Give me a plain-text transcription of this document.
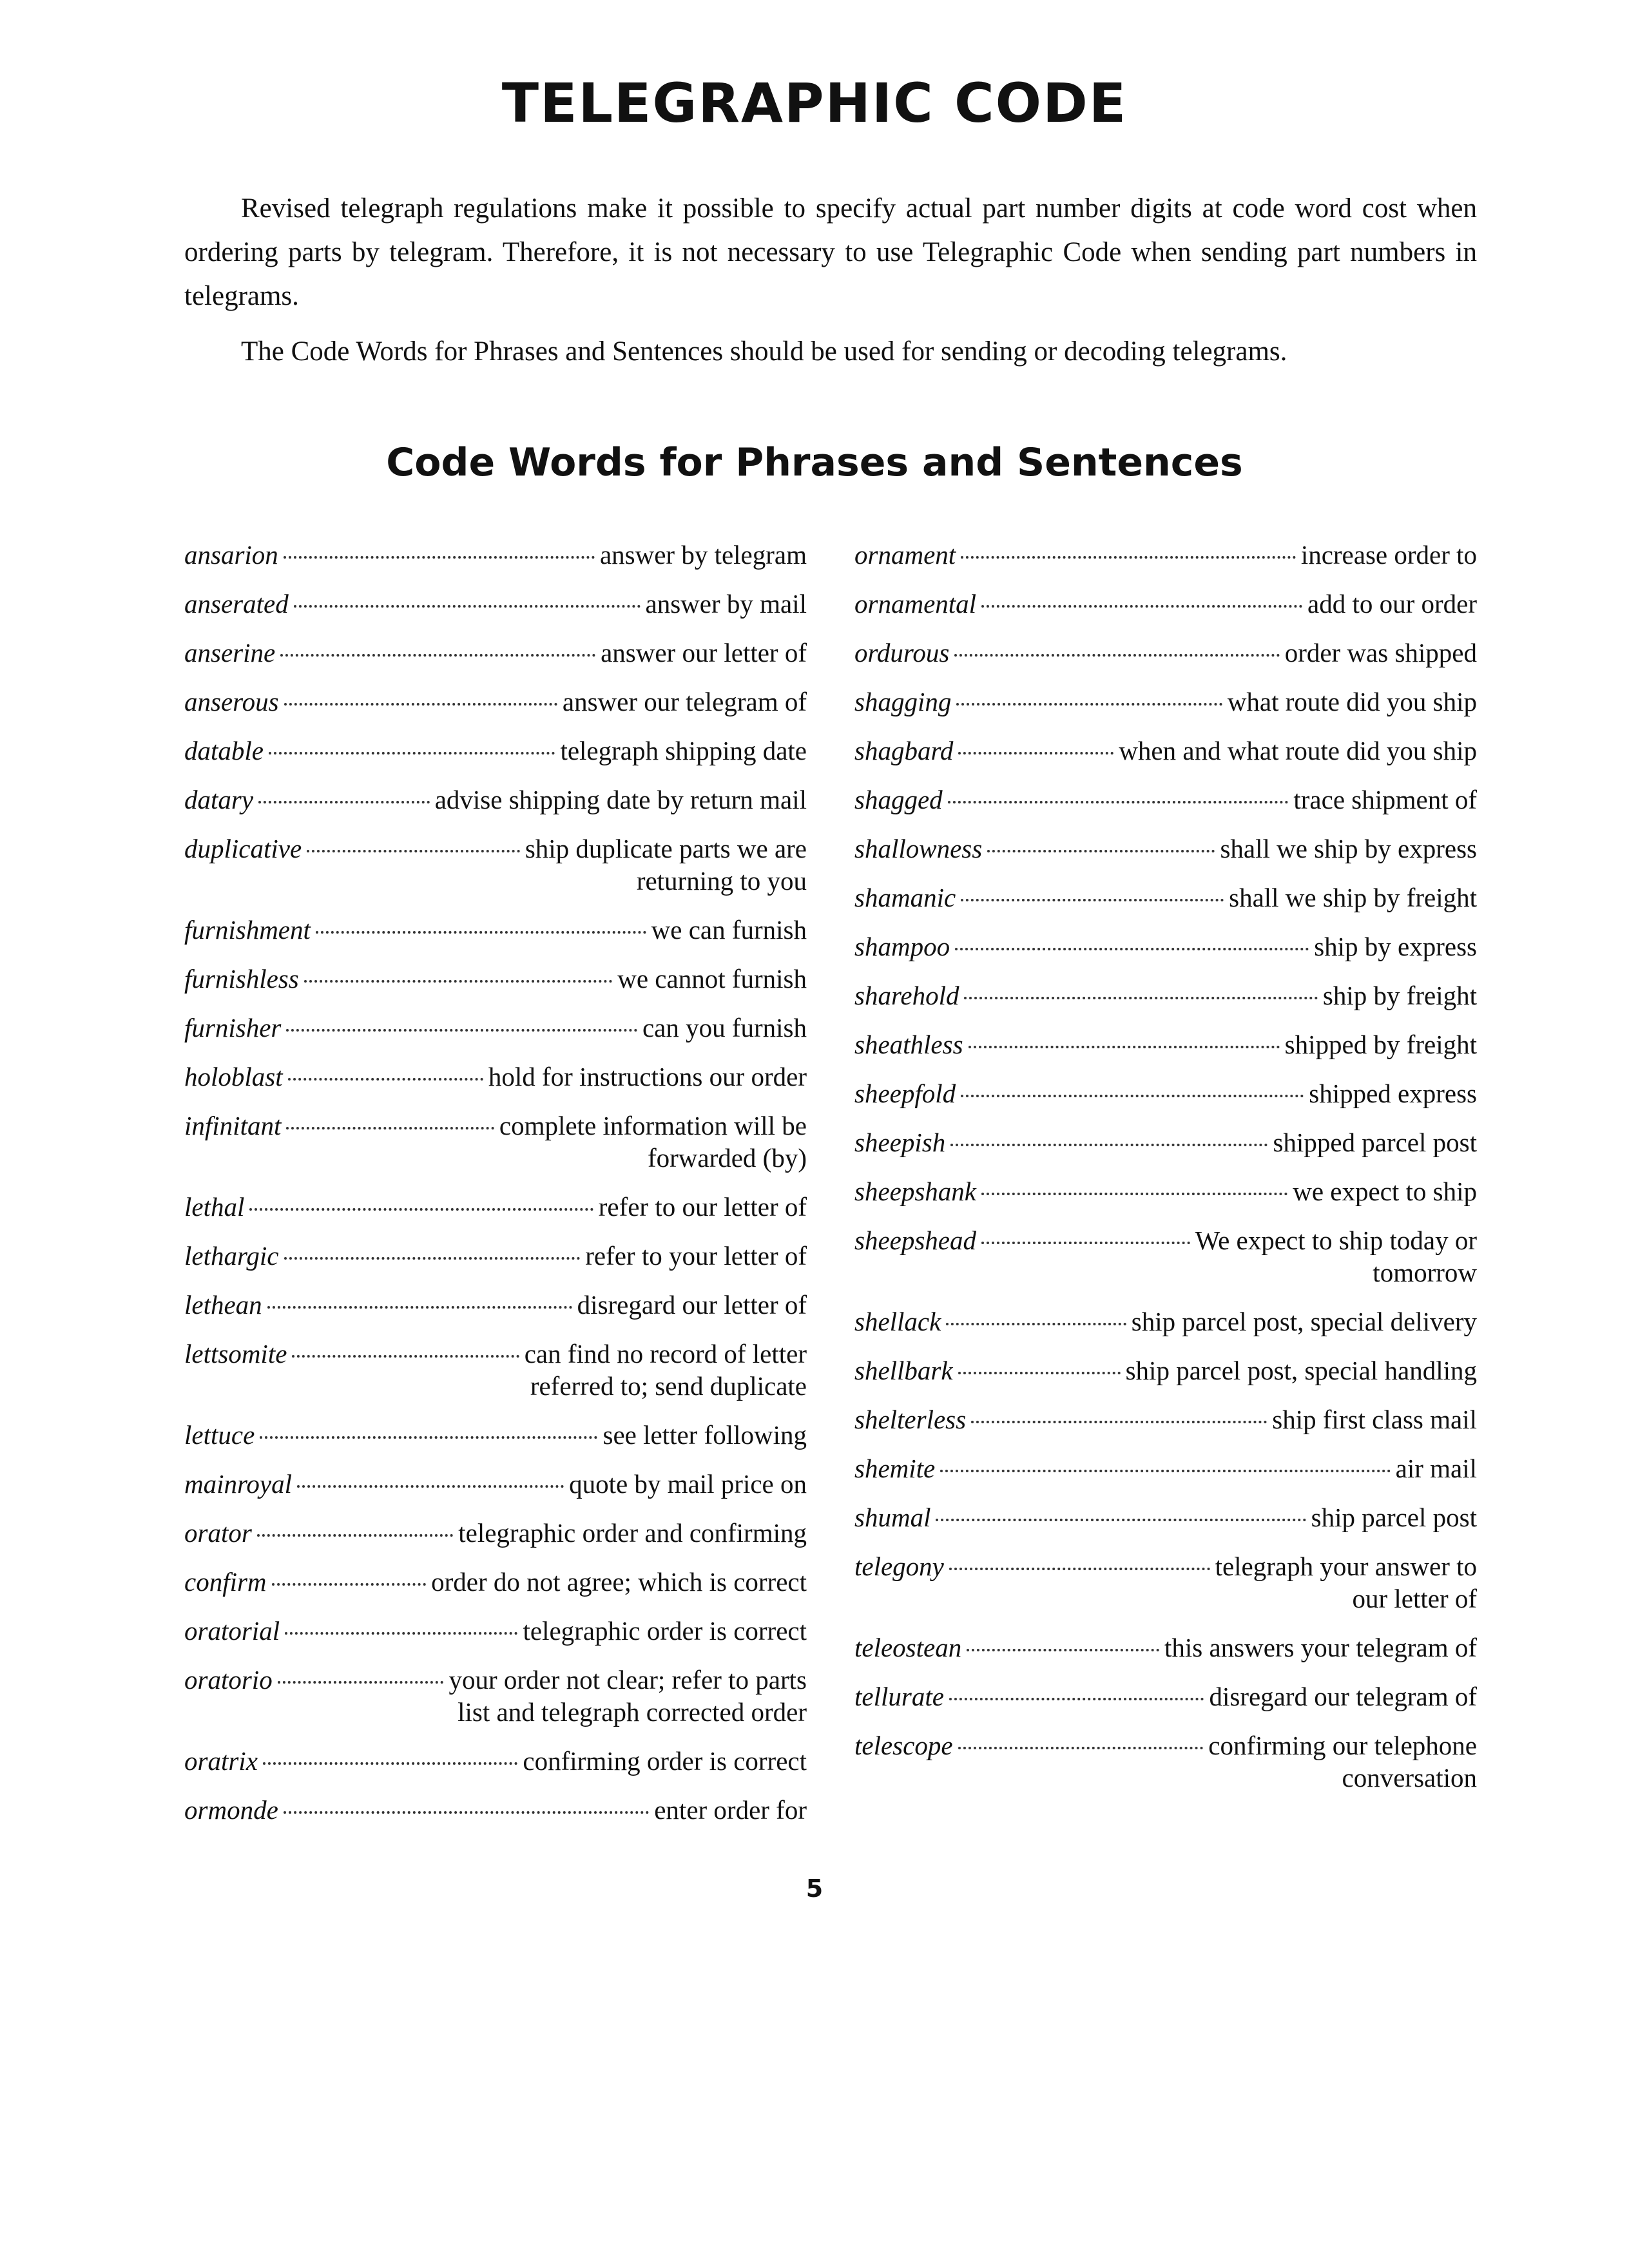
TELEGRAPHIC CODE

Revised telegraph regulations make it possible to specify actual part number digits at code word cost when ordering parts by telegram. Therefore, it is not necessary to use Telegraphic Code when sending part numbers in telegrams.

The Code Words for Phrases and Sentences should be used for sending or decoding telegrams.

Code Words for Phrases and Sentences
ansarion	answer by telegram
anserated	answer by mail
anserine	answer our letter of
anserous	answer our telegram of
datable	telegraph shipping date
datary	advise shipping date by return mail
duplicative	ship duplicate parts we are
returning to you
furnishment	we can furnish
furnishless	we cannot furnish
furnisher	can you furnish
holoblast	hold for instructions our order
infinitant	complete information will be
forwarded (by)
lethal	refer to our letter of
lethargic	refer to your letter of
lethean	disregard our letter of
lettsomite	can find no record of letter
referred to; send duplicate
lettuce	see letter following
mainroyal	quote by mail price on
orator	telegraphic order and confirming
confirm	order do not agree; which is correct
oratorial	telegraphic order is correct
oratorio	your order not clear; refer to parts
list and telegraph corrected order
oratrix	confirming order is correct
ormonde	enter order for
ornament	increase order to
ornamental	add to our order
ordurous	order was shipped
shagging	what route did you ship
shagbard	when and what route did you ship
shagged	trace shipment of
shallowness	shall we ship by express
shamanic	shall we ship by freight
shampoo	ship by express
sharehold	ship by freight
sheathless	shipped by freight
sheepfold	shipped express
sheepish	shipped parcel post
sheepshank	we expect to ship
sheepshead	We expect to ship today or
tomorrow
shellack	ship parcel post, special delivery
shellbark	ship parcel post, special handling
shelterless	ship first class mail
shemite	air mail
shumal	ship parcel post
telegony	telegraph your answer to
our letter of
teleostean	this answers your telegram of
tellurate	disregard our telegram of
telescope	confirming our telephone
conversation
5
